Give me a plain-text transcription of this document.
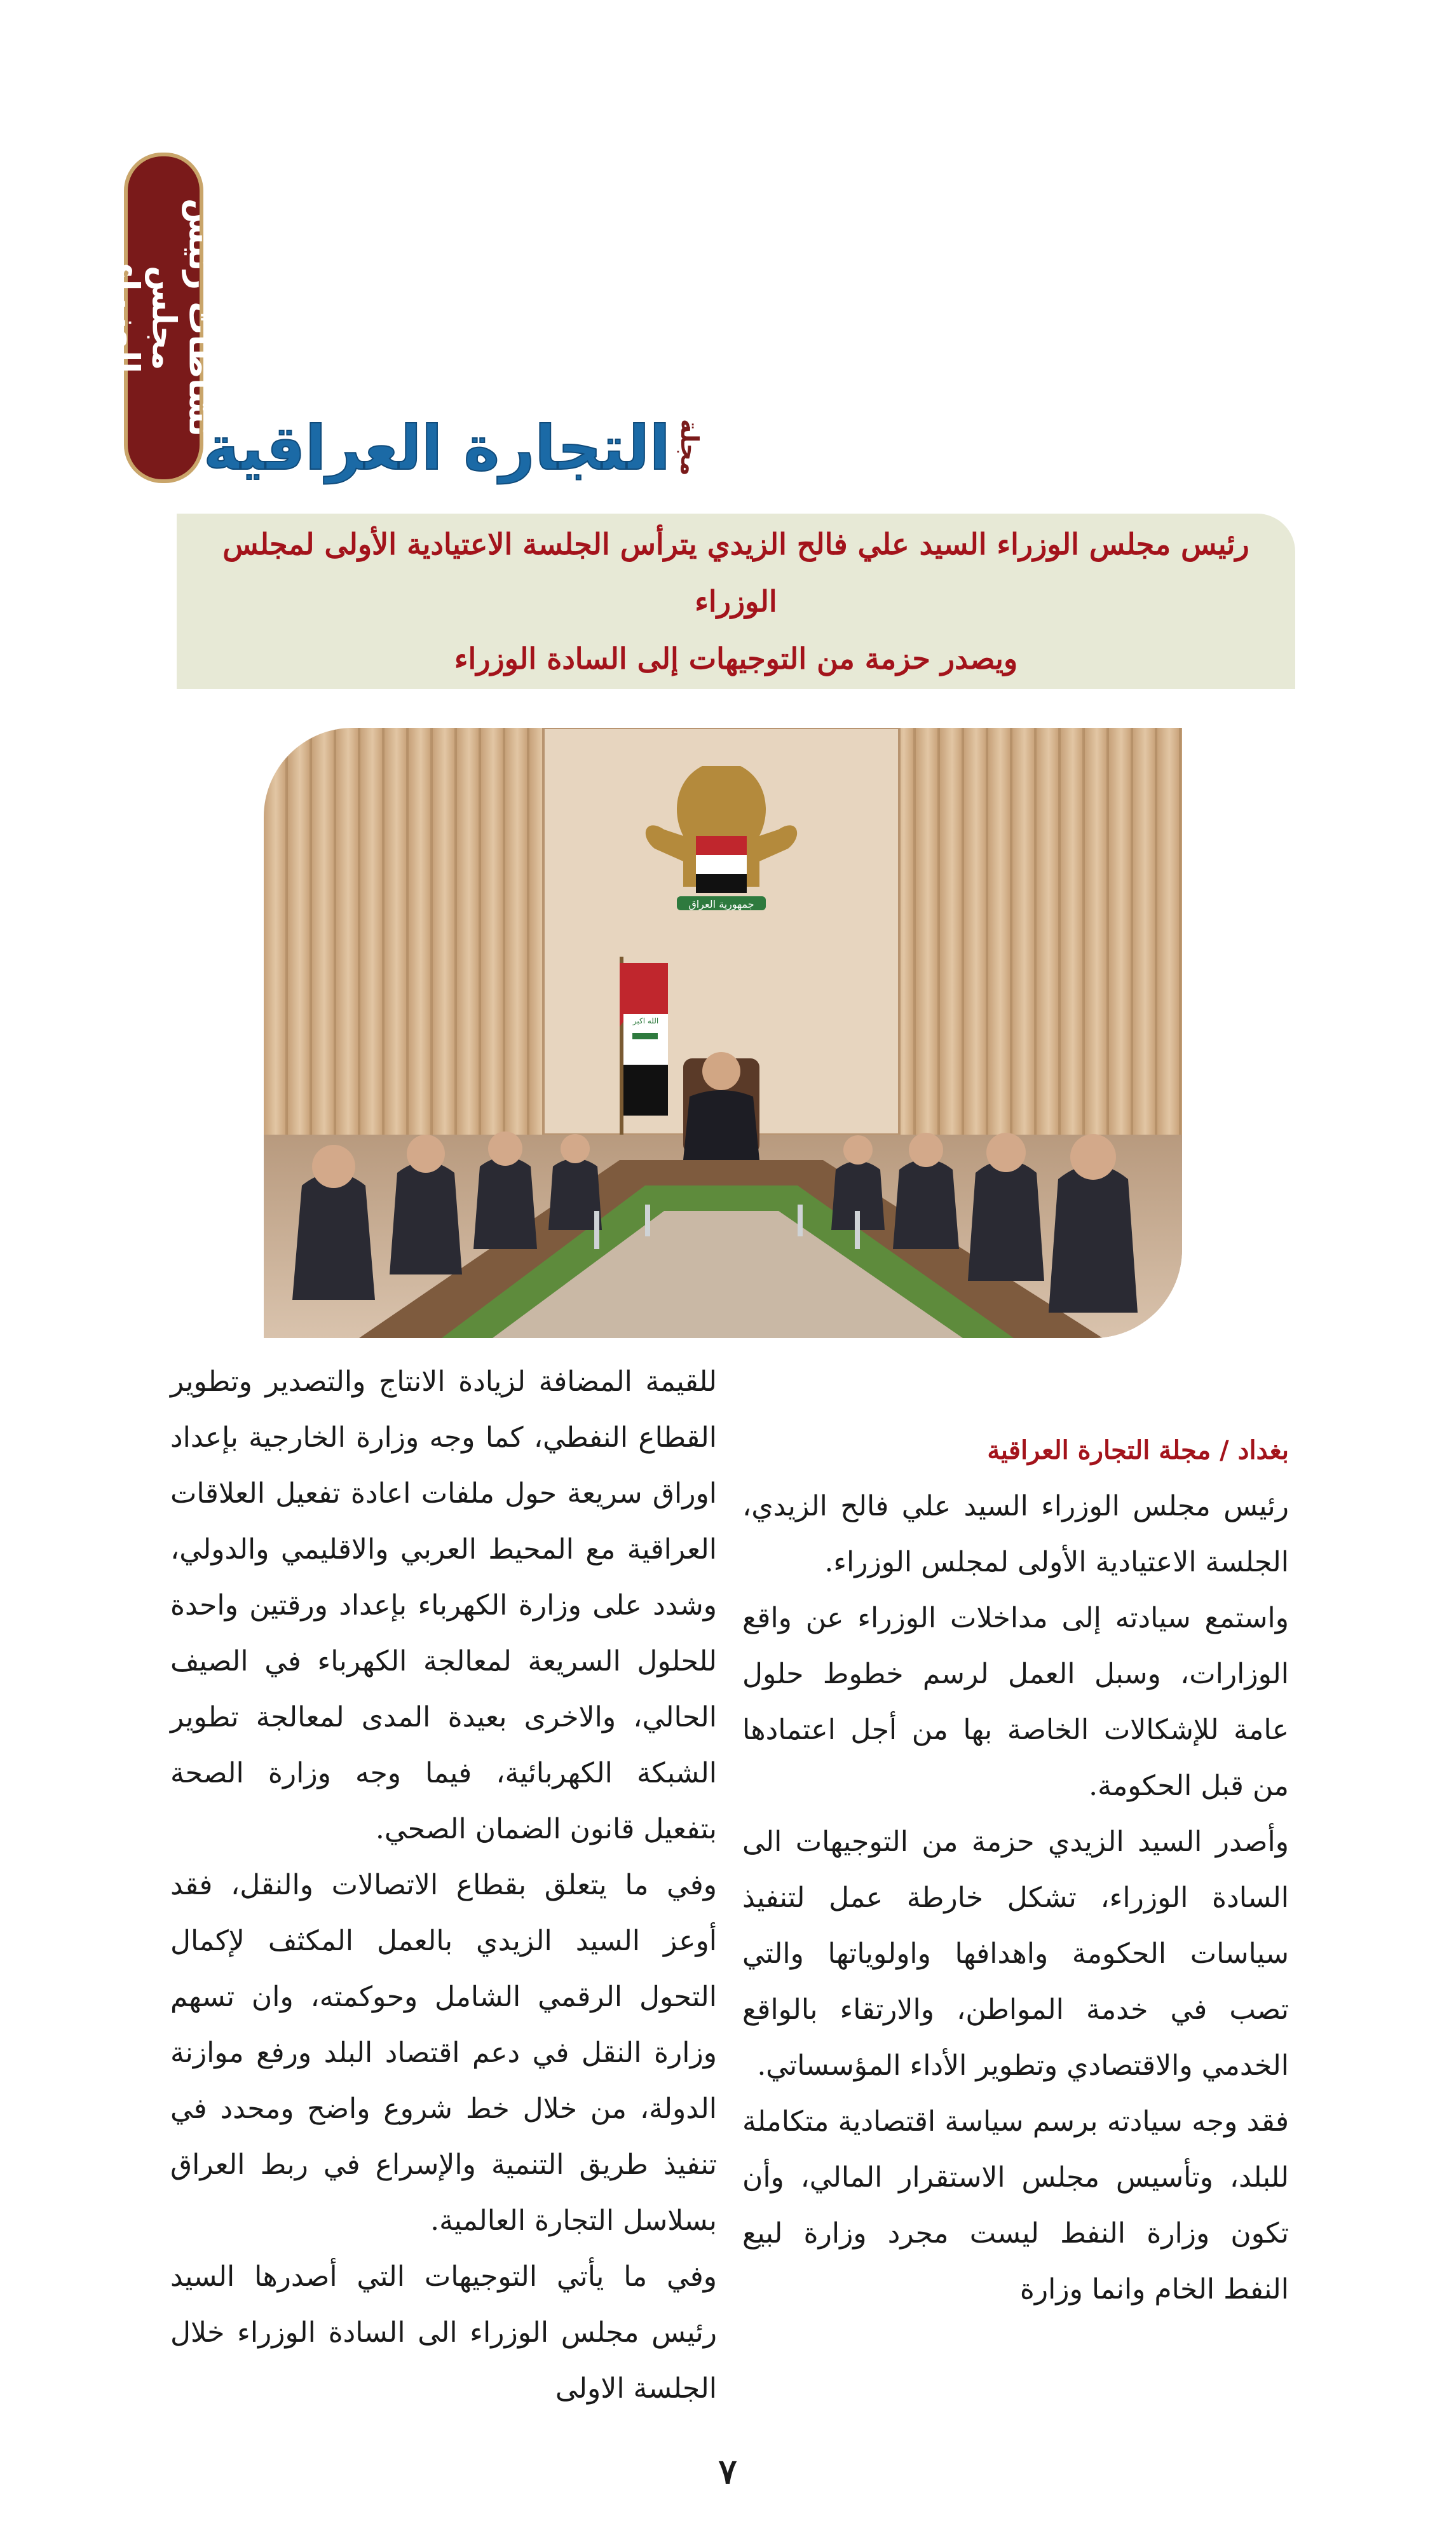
نشاطات رئيس مجلس
الوزراء
مجلة
التجارة العراقية
رئيس مجلس الوزراء السيد علي فالح الزيدي يترأس الجلسة الاعتيادية الأولى لمجلس الوزراء
ويصدر حزمة من التوجيهات إلى السادة الوزراء
جمهورية العراق
الله اكبر

بغداد / مجلة التجارة العراقية

رئيس مجلس الوزراء السيد علي فالح الزيدي، الجلسة الاعتيادية الأولى لمجلس الوزراء.

واستمع سيادته إلى مداخلات الوزراء عن واقع الوزارات، وسبل العمل لرسم خطوط حلول عامة للإشكالات الخاصة بها من أجل اعتمادها من قبل الحكومة.

وأصدر السيد الزيدي حزمة من التوجيهات الى السادة الوزراء، تشكل خارطة عمل لتنفيذ سياسات الحكومة واهدافها واولوياتها والتي تصب في خدمة المواطن، والارتقاء بالواقع الخدمي والاقتصادي وتطوير الأداء المؤسساتي.

فقد وجه سيادته برسم سياسة اقتصادية متكاملة للبلد، وتأسيس مجلس الاستقرار المالي، وأن تكون وزارة النفط ليست مجرد وزارة لبيع النفط الخام وانما وزارة

للقيمة المضافة لزيادة الانتاج والتصدير وتطوير القطاع النفطي، كما وجه وزارة الخارجية بإعداد اوراق سريعة حول ملفات اعادة تفعيل العلاقات العراقية مع المحيط العربي والاقليمي والدولي، وشدد على وزارة الكهرباء بإعداد ورقتين واحدة للحلول السريعة لمعالجة الكهرباء في الصيف الحالي، والاخرى بعيدة المدى لمعالجة تطوير الشبكة الكهربائية، فيما وجه وزارة الصحة بتفعيل قانون الضمان الصحي.

وفي ما يتعلق بقطاع الاتصالات والنقل، فقد أوعز السيد الزيدي بالعمل المكثف لإكمال التحول الرقمي الشامل وحوكمته، وان تسهم وزارة النقل في دعم اقتصاد البلد ورفع موازنة الدولة، من خلال خط شروع واضح ومحدد في تنفيذ طريق التنمية والإسراع في ربط العراق بسلاسل التجارة العالمية.

وفي ما يأتي التوجيهات التي أصدرها السيد رئيس مجلس الوزراء الى السادة الوزراء خلال الجلسة الاولى

٧
